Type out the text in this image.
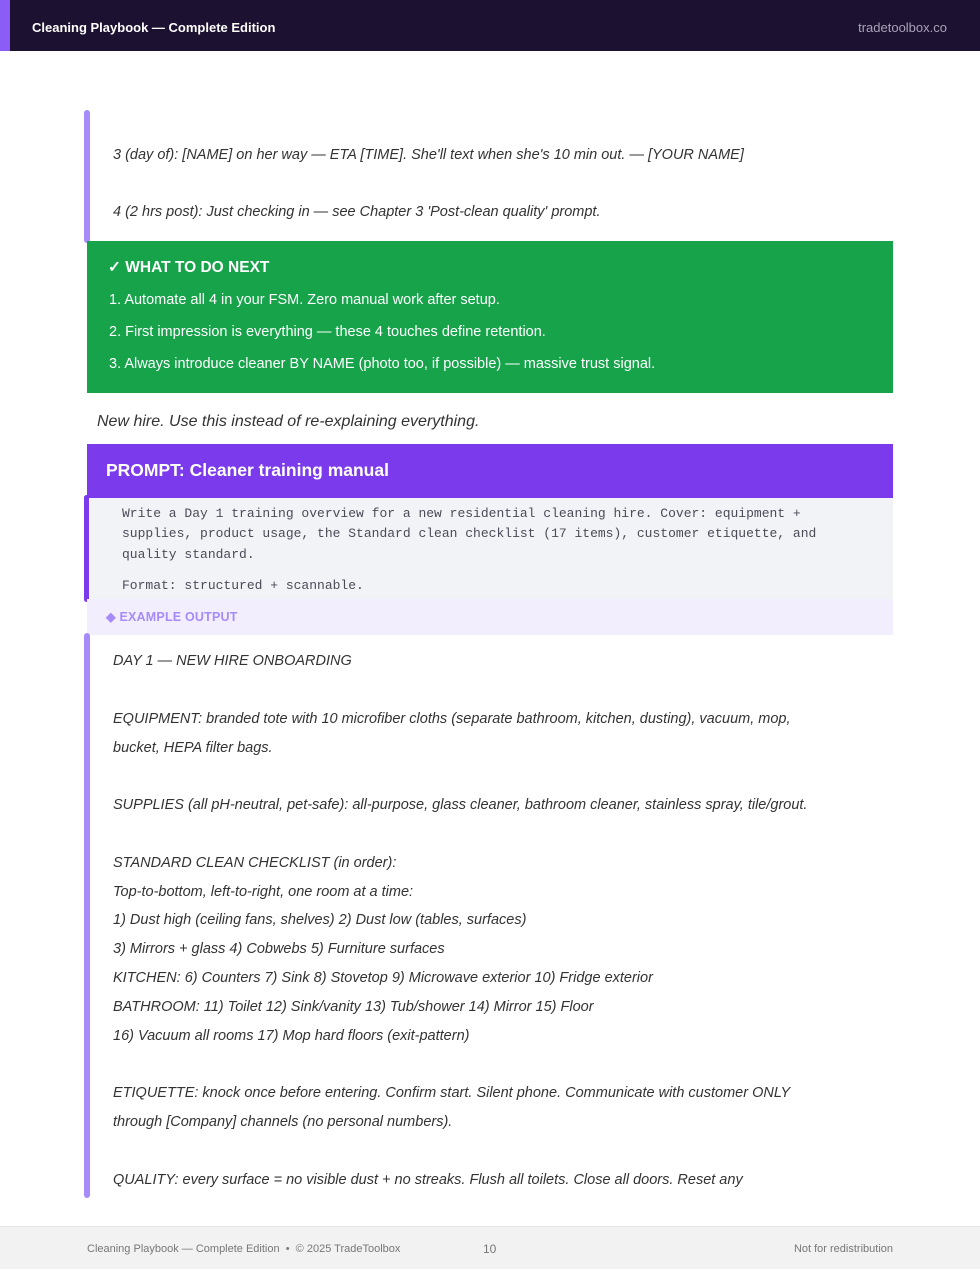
Cleaning Playbook — Complete Edition	tradetoolbox.co
3 (day of): [NAME] on her way — ETA [TIME]. She'll text when she's 10 min out. — [YOUR NAME]
4 (2 hrs post): Just checking in — see Chapter 3 'Post-clean quality' prompt.
✓ WHAT TO DO NEXT
1. Automate all 4 in your FSM. Zero manual work after setup.
2. First impression is everything — these 4 touches define retention.
3. Always introduce cleaner BY NAME (photo too, if possible) — massive trust signal.
New hire. Use this instead of re-explaining everything.
PROMPT: Cleaner training manual
Write a Day 1 training overview for a new residential cleaning hire. Cover: equipment +
supplies, product usage, the Standard clean checklist (17 items), customer etiquette, and
quality standard.
Format: structured + scannable.
◆ EXAMPLE OUTPUT
DAY 1 — NEW HIRE ONBOARDING
EQUIPMENT: branded tote with 10 microfiber cloths (separate bathroom, kitchen, dusting), vacuum, mop,
bucket, HEPA filter bags.
SUPPLIES (all pH-neutral, pet-safe): all-purpose, glass cleaner, bathroom cleaner, stainless spray, tile/grout.
STANDARD CLEAN CHECKLIST (in order):
Top-to-bottom, left-to-right, one room at a time:
1) Dust high (ceiling fans, shelves) 2) Dust low (tables, surfaces)
3) Mirrors + glass 4) Cobwebs 5) Furniture surfaces
KITCHEN: 6) Counters 7) Sink 8) Stovetop 9) Microwave exterior 10) Fridge exterior
BATHROOM: 11) Toilet 12) Sink/vanity 13) Tub/shower 14) Mirror 15) Floor
16) Vacuum all rooms 17) Mop hard floors (exit-pattern)
ETIQUETTE: knock once before entering. Confirm start. Silent phone. Communicate with customer ONLY
through [Company] channels (no personal numbers).
QUALITY: every surface = no visible dust + no streaks. Flush all toilets. Close all doors. Reset any
Cleaning Playbook — Complete Edition  •  © 2025 TradeToolbox	10	Not for redistribution
